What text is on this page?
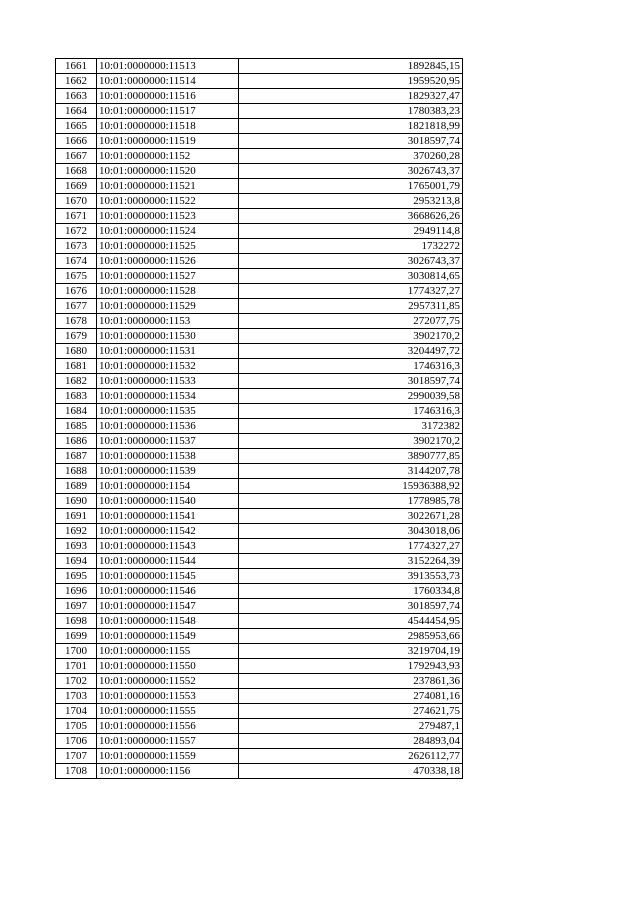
1661	10:01:0000000:11513	1892845,15
1662	10:01:0000000:11514	1959520,95
1663	10:01:0000000:11516	1829327,47
1664	10:01:0000000:11517	1780383,23
1665	10:01:0000000:11518	1821818,99
1666	10:01:0000000:11519	3018597,74
1667	10:01:0000000:1152	370260,28
1668	10:01:0000000:11520	3026743,37
1669	10:01:0000000:11521	1765001,79
1670	10:01:0000000:11522	2953213,8
1671	10:01:0000000:11523	3668626,26
1672	10:01:0000000:11524	2949114,8
1673	10:01:0000000:11525	1732272
1674	10:01:0000000:11526	3026743,37
1675	10:01:0000000:11527	3030814,65
1676	10:01:0000000:11528	1774327,27
1677	10:01:0000000:11529	2957311,85
1678	10:01:0000000:1153	272077,75
1679	10:01:0000000:11530	3902170,2
1680	10:01:0000000:11531	3204497,72
1681	10:01:0000000:11532	1746316,3
1682	10:01:0000000:11533	3018597,74
1683	10:01:0000000:11534	2990039,58
1684	10:01:0000000:11535	1746316,3
1685	10:01:0000000:11536	3172382
1686	10:01:0000000:11537	3902170,2
1687	10:01:0000000:11538	3890777,85
1688	10:01:0000000:11539	3144207,78
1689	10:01:0000000:1154	15936388,92
1690	10:01:0000000:11540	1778985,78
1691	10:01:0000000:11541	3022671,28
1692	10:01:0000000:11542	3043018,06
1693	10:01:0000000:11543	1774327,27
1694	10:01:0000000:11544	3152264,39
1695	10:01:0000000:11545	3913553,73
1696	10:01:0000000:11546	1760334,8
1697	10:01:0000000:11547	3018597,74
1698	10:01:0000000:11548	4544454,95
1699	10:01:0000000:11549	2985953,66
1700	10:01:0000000:1155	3219704,19
1701	10:01:0000000:11550	1792943,93
1702	10:01:0000000:11552	237861,36
1703	10:01:0000000:11553	274081,16
1704	10:01:0000000:11555	274621,75
1705	10:01:0000000:11556	279487,1
1706	10:01:0000000:11557	284893,04
1707	10:01:0000000:11559	2626112,77
1708	10:01:0000000:1156	470338,18
